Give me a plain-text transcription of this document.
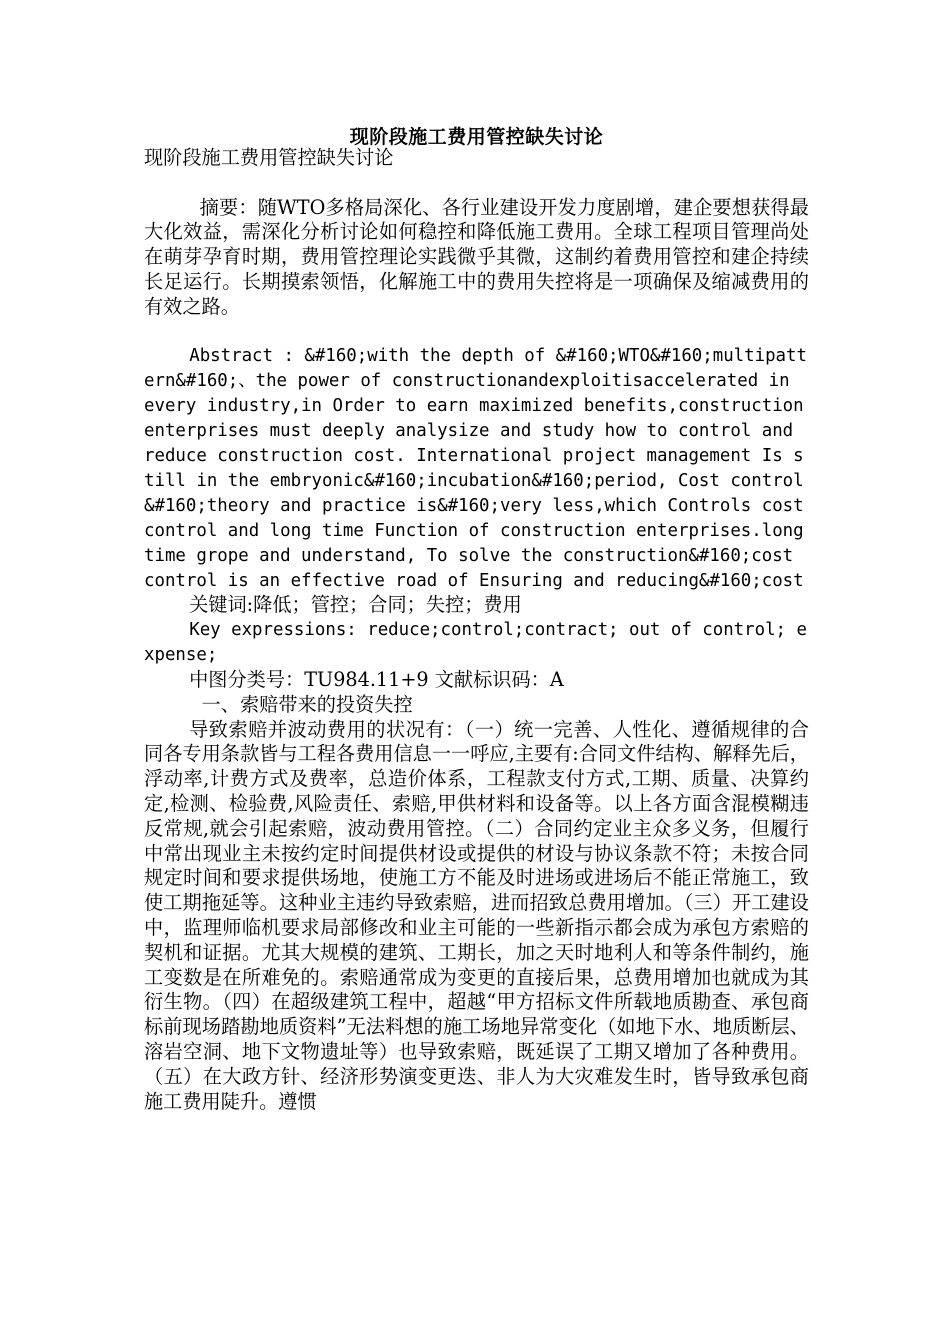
现阶段施工费用管控缺失讨论

现阶段施工费用管控缺失讨论

摘要：随WTO多格局深化、各行业建设开发力度剧增，建企要想获得最大化效益，需深化分析讨论如何稳控和降低施工费用。全球工程项目管理尚处在萌芽孕育时期，费用管控理论实践微乎其微，这制约着费用管控和建企持续长足运行。长期摸索领悟，化解施工中的费用失控将是一项确保及缩减费用的有效之路。

Abstract : &#160;with the depth of &#160;WTO&#160;multipattern&#160;、the power of constructionandexploitisaccelerated in every industry,in Order to earn maximized benefits,construction enterprises must deeply analysize and study how to control and reduce construction cost. International project management Is still in the embryonic&#160;incubation&#160;period, Cost control&#160;theory and practice is&#160;very less,which Controls cost control and long time Function of construction enterprises.longtime grope and understand, To solve the construction&#160;cost control is an effective road of Ensuring and reducing&#160;cost

关键词:降低；管控；合同；失控；费用

Key expressions: reduce;control;contract; out of control; expense;

中图分类号：TU984.11+9 文献标识码：A

一、索赔带来的投资失控

导致索赔并波动费用的状况有：（一）统一完善、人性化、遵循规律的合同各专用条款皆与工程各费用信息一一呼应,主要有:合同文件结构、解释先后，浮动率,计费方式及费率，总造价体系，工程款支付方式,工期、质量、决算约定,检测、检验费,风险责任、索赔,甲供材料和设备等。以上各方面含混模糊违反常规,就会引起索赔，波动费用管控。（二）合同约定业主众多义务，但履行中常出现业主未按约定时间提供材设或提供的材设与协议条款不符；未按合同规定时间和要求提供场地，使施工方不能及时进场或进场后不能正常施工，致使工期拖延等。这种业主违约导致索赔，进而招致总费用增加。（三）开工建设中，监理师临机要求局部修改和业主可能的一些新指示都会成为承包方索赔的契机和证据。尤其大规模的建筑、工期长，加之天时地利人和等条件制约，施工变数是在所难免的。索赔通常成为变更的直接后果，总费用增加也就成为其衍生物。（四）在超级建筑工程中，超越“甲方招标文件所载地质勘查、承包商标前现场踏勘地质资料”无法料想的施工场地异常变化（如地下水、地质断层、溶岩空洞、地下文物遗址等）也导致索赔，既延误了工期又增加了各种费用。（五）在大政方针、经济形势演变更迭、非人为大灾难发生时，皆导致承包商施工费用陡升。遵惯
